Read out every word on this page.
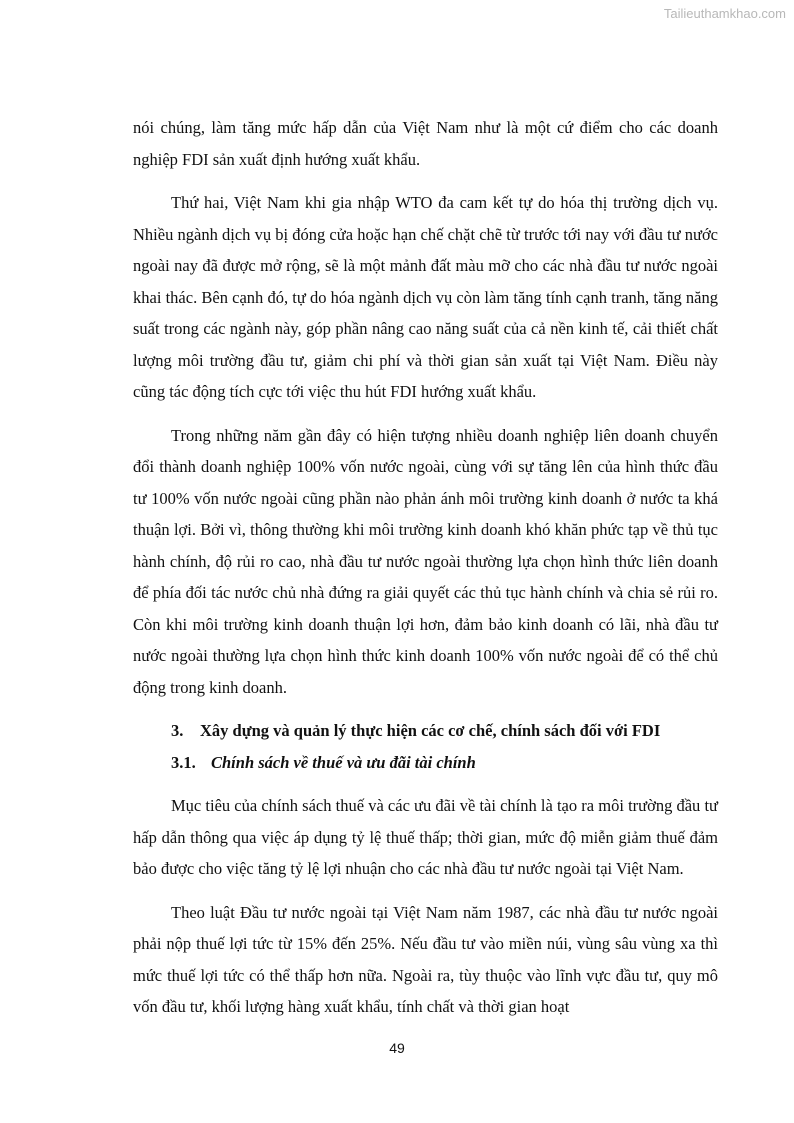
Tailieuthamkhao.com

nói chúng, làm tăng mức hấp dẫn của Việt Nam như là một cứ điểm cho các doanh nghiệp FDI sản xuất định hướng xuất khẩu.

Thứ hai, Việt Nam khi gia nhập WTO đa cam kết tự do hóa thị trường dịch vụ. Nhiều ngành dịch vụ bị đóng cửa hoặc hạn chế chặt chẽ từ trước tới nay với đầu tư nước ngoài nay đã được mở rộng, sẽ là một mảnh đất màu mỡ cho các nhà đầu tư nước ngoài khai thác. Bên cạnh đó, tự do hóa ngành dịch vụ còn làm tăng tính cạnh tranh, tăng năng suất trong các ngành này, góp phần nâng cao năng suất của cả nền kinh tế, cải thiết chất lượng môi trường đầu tư, giảm chi phí và thời gian sản xuất tại Việt Nam. Điều này cũng tác động tích cực tới việc thu hút FDI hướng xuất khẩu.

Trong những năm gần đây có hiện tượng nhiều doanh nghiệp liên doanh chuyển đổi thành doanh nghiệp 100% vốn nước ngoài, cùng với sự tăng lên của hình thức đầu tư 100% vốn nước ngoài cũng phần nào phản ánh môi trường kinh doanh ở nước ta khá thuận lợi. Bởi vì, thông thường khi môi trường kinh doanh khó khăn phức tạp về thủ tục hành chính, độ rủi ro cao, nhà đầu tư nước ngoài thường lựa chọn hình thức liên doanh để phía đối tác nước chủ nhà đứng ra giải quyết các thủ tục hành chính và chia sẻ rủi ro. Còn khi môi trường kinh doanh thuận lợi hơn, đảm bảo kinh doanh có lãi, nhà đầu tư nước ngoài thường lựa chọn hình thức kinh doanh 100% vốn nước ngoài để có thể chủ động trong kinh doanh.

3.	Xây dựng và quản lý thực hiện các cơ chế, chính sách đối với FDI
3.1. Chính sách về thuế và ưu đãi tài chính

Mục tiêu của chính sách thuế và các ưu đãi về tài chính là tạo ra môi trường đầu tư hấp dẫn thông qua việc áp dụng tỷ lệ thuế thấp; thời gian, mức độ miễn giảm thuế đảm bảo được cho việc tăng tỷ lệ lợi nhuận cho các nhà đầu tư nước ngoài tại Việt Nam.

Theo luật Đầu tư nước ngoài tại Việt Nam năm 1987, các nhà đầu tư nước ngoài phải nộp thuế lợi tức từ 15% đến 25%. Nếu đầu tư vào miền núi, vùng sâu vùng xa thì mức thuế lợi tức có thể thấp hơn nữa. Ngoài ra, tùy thuộc vào lĩnh vực đầu tư, quy mô vốn đầu tư, khối lượng hàng xuất khẩu, tính chất và thời gian hoạt

49
